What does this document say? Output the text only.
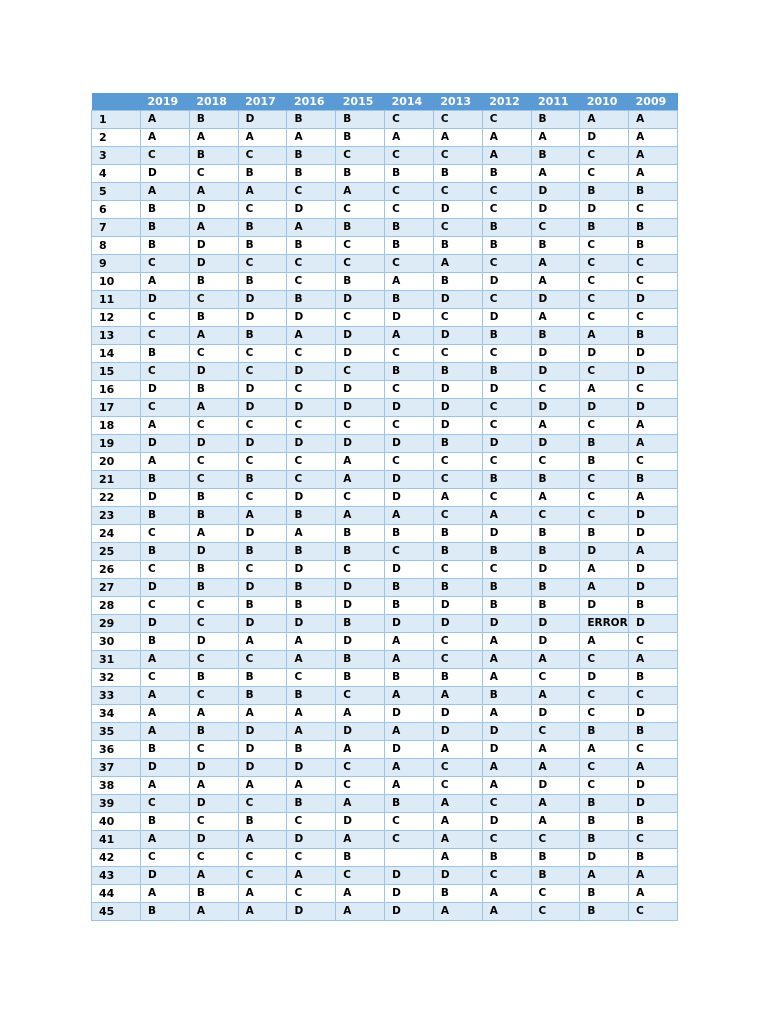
	2019	2018	2017	2016	2015	2014	2013	2012	2011	2010	2009
1	A	B	D	B	B	C	C	C	B	A	A
2	A	A	A	A	B	A	A	A	A	D	A
3	C	B	C	B	C	C	C	A	B	C	A
4	D	C	B	B	B	B	B	B	A	C	A
5	A	A	A	C	A	C	C	C	D	B	B
6	B	D	C	D	C	C	D	C	D	D	C
7	B	A	B	A	B	B	C	B	C	B	B
8	B	D	B	B	C	B	B	B	B	C	B
9	C	D	C	C	C	C	A	C	A	C	C
10	A	B	B	C	B	A	B	D	A	C	C
11	D	C	D	B	D	B	D	C	D	C	D
12	C	B	D	D	C	D	C	D	A	C	C
13	C	A	B	A	D	A	D	B	B	A	B
14	B	C	C	C	D	C	C	C	D	D	D
15	C	D	C	D	C	B	B	B	D	C	D
16	D	B	D	C	D	C	D	D	C	A	C
17	C	A	D	D	D	D	D	C	D	D	D
18	A	C	C	C	C	C	D	C	A	C	A
19	D	D	D	D	D	D	B	D	D	B	A
20	A	C	C	C	A	C	C	C	C	B	C
21	B	C	B	C	A	D	C	B	B	C	B
22	D	B	C	D	C	D	A	C	A	C	A
23	B	B	A	B	A	A	C	A	C	C	D
24	C	A	D	A	B	B	B	D	B	B	D
25	B	D	B	B	B	C	B	B	B	D	A
26	C	B	C	D	C	D	C	C	D	A	D
27	D	B	D	B	D	B	B	B	B	A	D
28	C	C	B	B	D	B	D	B	B	D	B
29	D	C	D	D	B	D	D	D	D	ERROR	D
30	B	D	A	A	D	A	C	A	D	A	C
31	A	C	C	A	B	A	C	A	A	C	A
32	C	B	B	C	B	B	B	A	C	D	B
33	A	C	B	B	C	A	A	B	A	C	C
34	A	A	A	A	A	D	D	A	D	C	D
35	A	B	D	A	D	A	D	D	C	B	B
36	B	C	D	B	A	D	A	D	A	A	C
37	D	D	D	D	C	A	C	A	A	C	A
38	A	A	A	A	C	A	C	A	D	C	D
39	C	D	C	B	A	B	A	C	A	B	D
40	B	C	B	C	D	C	A	D	A	B	B
41	A	D	A	D	A	C	A	C	C	B	C
42	C	C	C	C	B		A	B	B	D	B
43	D	A	C	A	C	D	D	C	B	A	A
44	A	B	A	C	A	D	B	A	C	B	A
45	B	A	A	D	A	D	A	A	C	B	C
